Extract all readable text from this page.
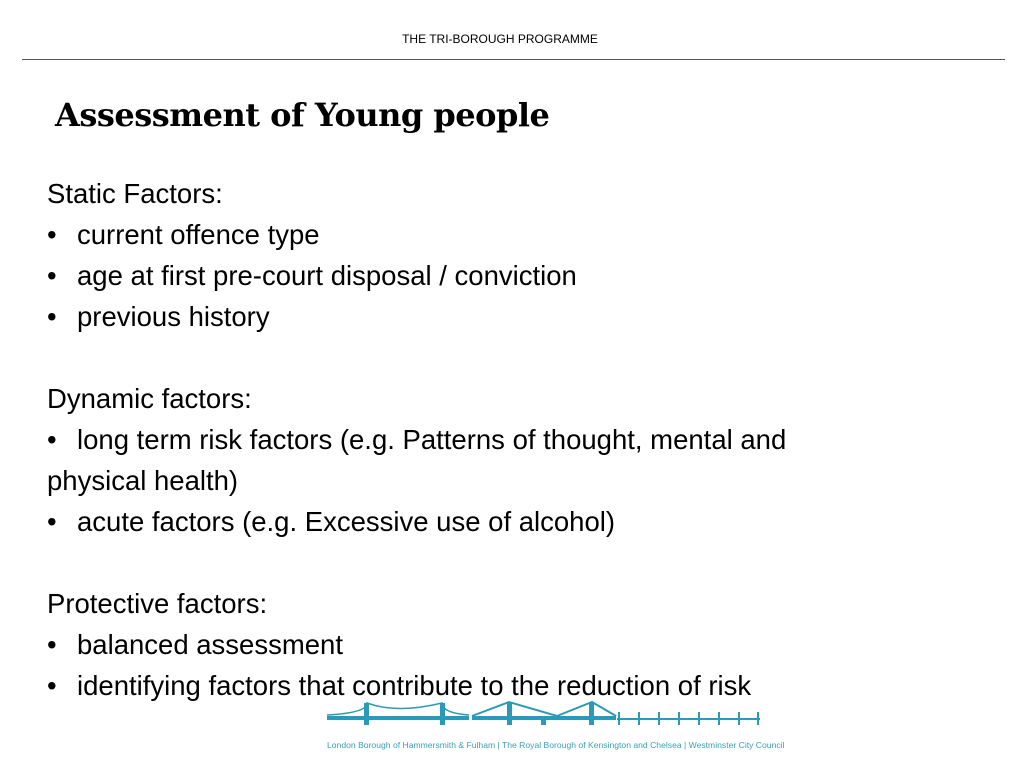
THE TRI-BOROUGH PROGRAMME
Assessment of Young people
Static Factors:
• current offence type
• age at first pre-court disposal / conviction
• previous history
Dynamic factors:
• long term risk factors (e.g. Patterns of thought, mental and
physical health)
• acute factors (e.g. Excessive use of alcohol)
Protective factors:
• balanced assessment
• identifying factors that contribute to the reduction of risk
London Borough of Hammersmith & Fulham | The Royal Borough of Kensington and Chelsea | Westminster City Council
